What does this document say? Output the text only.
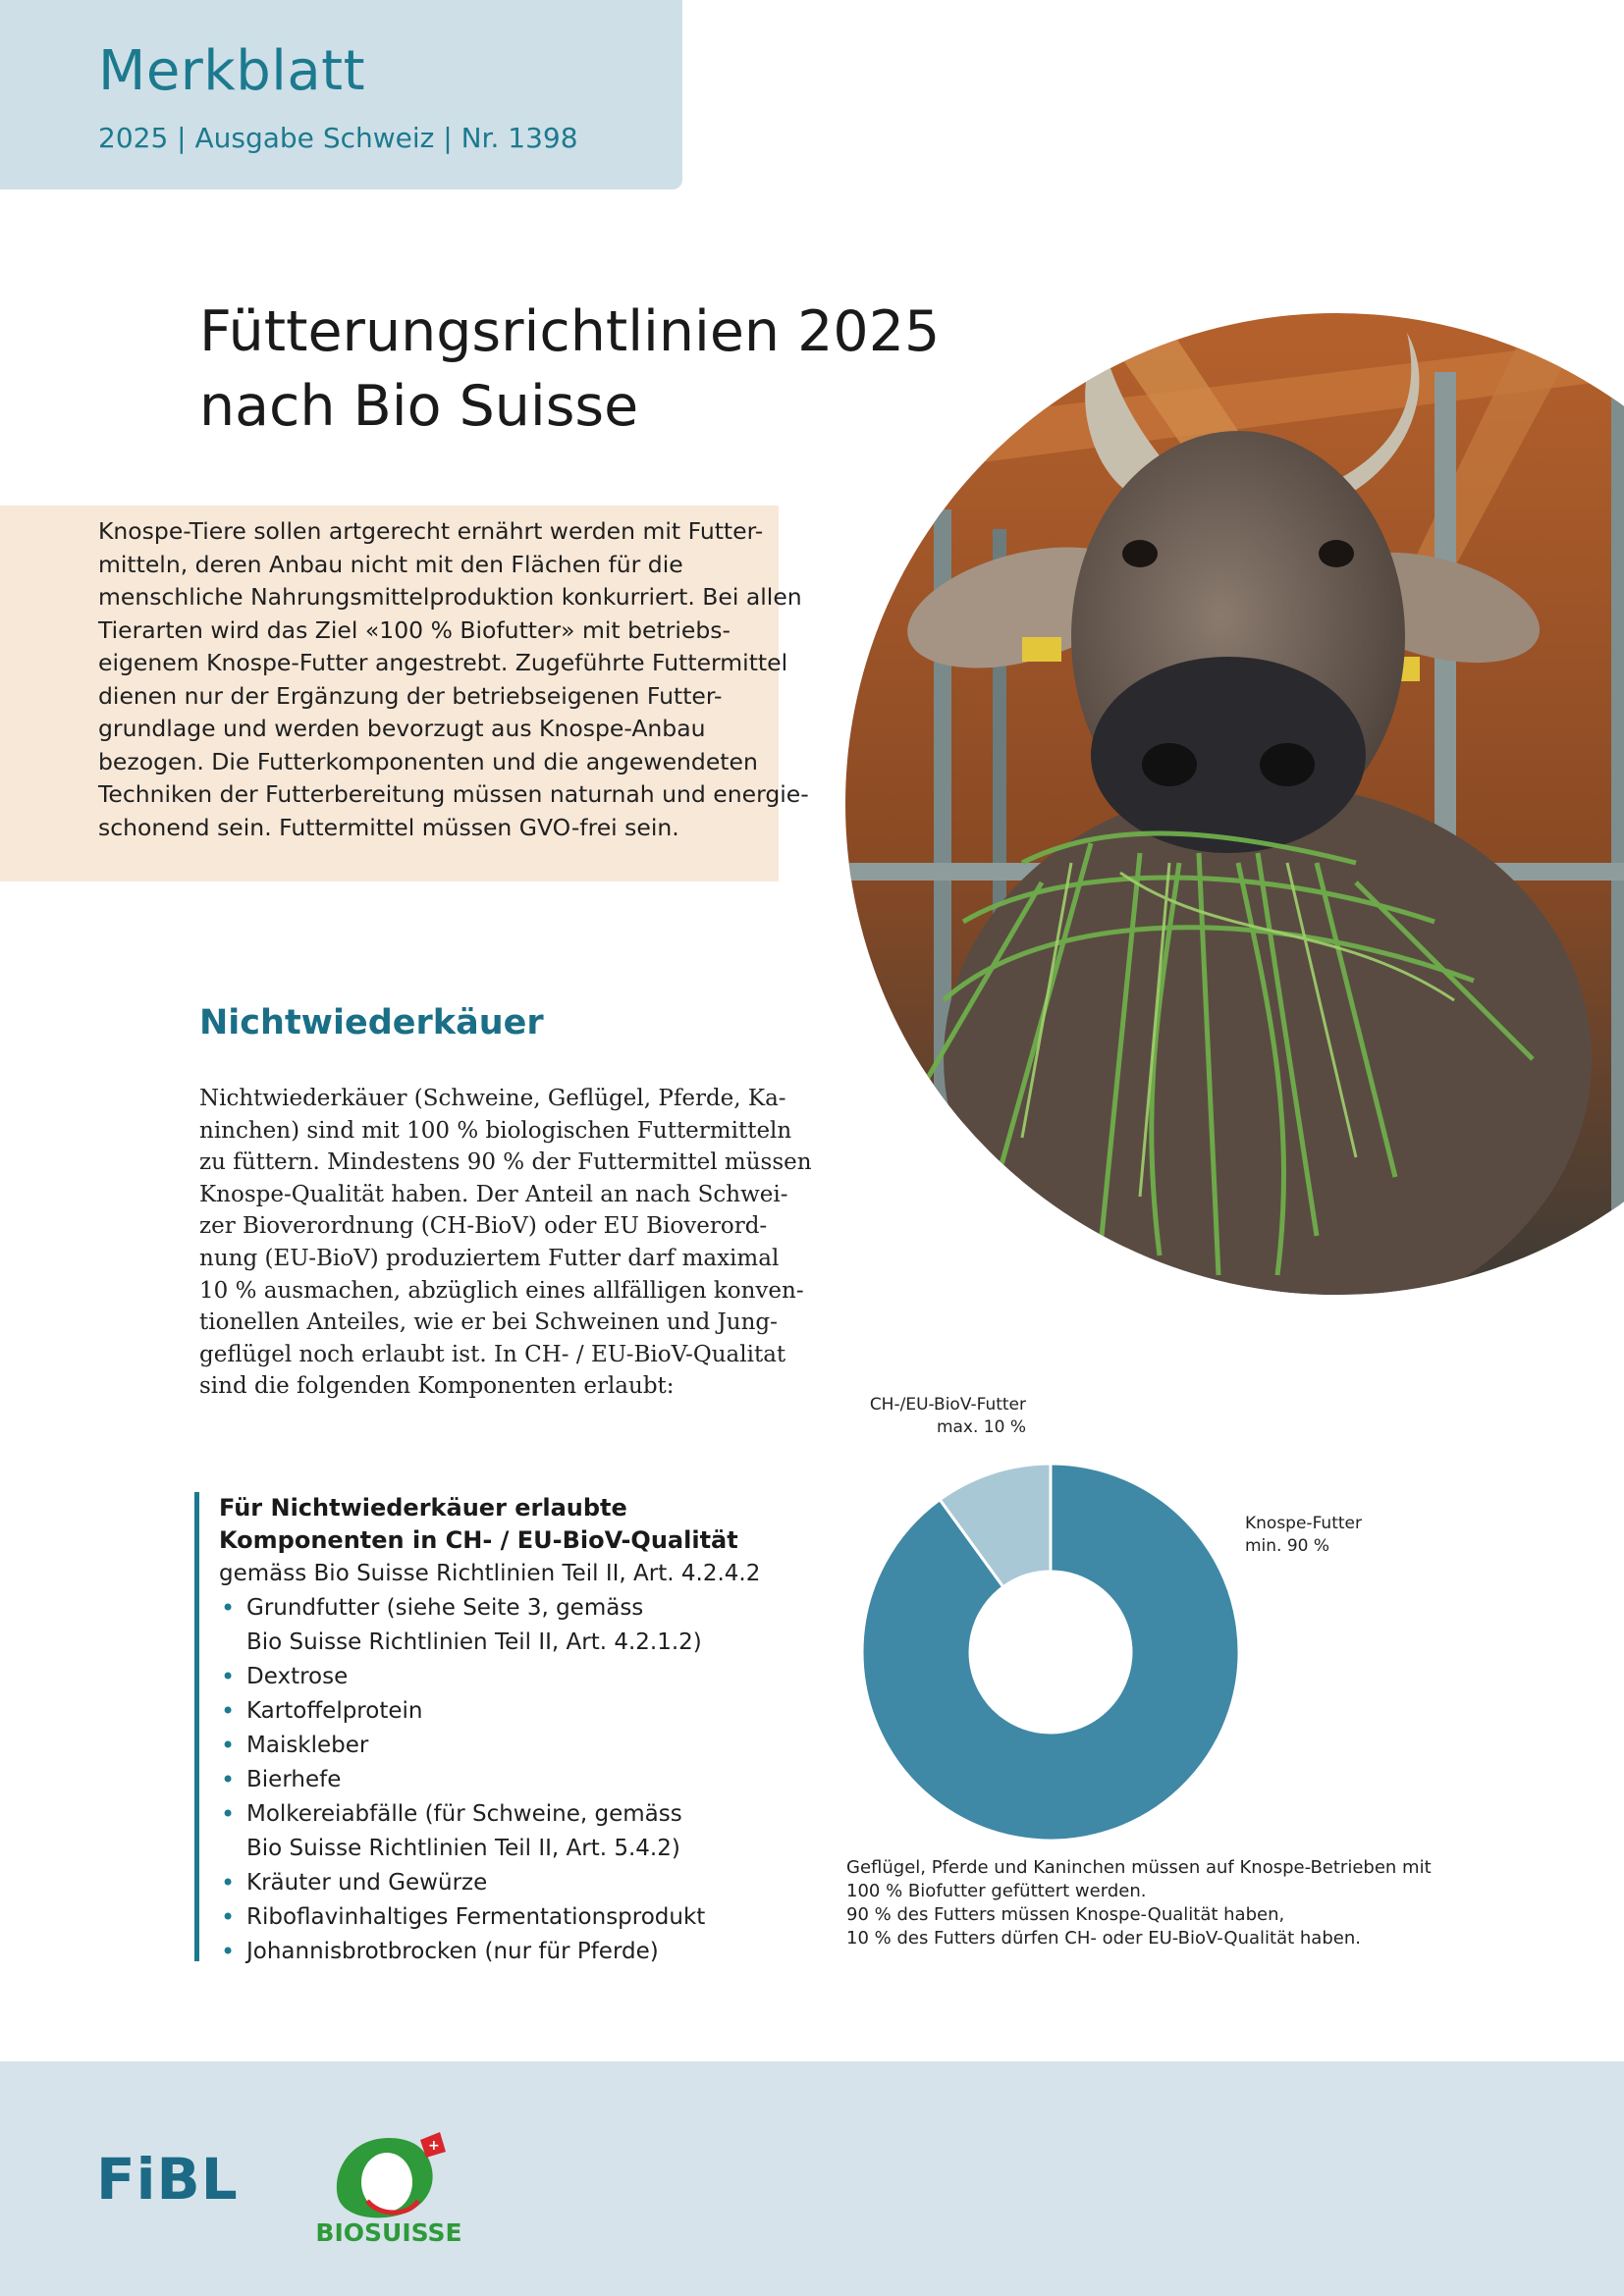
Merkblatt
2025 | Ausgabe Schweiz | Nr. 1398
Fütterungsrichtlinien 2025
nach Bio Suisse
Knospe-Tiere sollen artgerecht ernährt werden mit Futter-
mitteln, deren Anbau nicht mit den Flächen für die
menschliche Nahrungsmittelproduktion konkurriert. Bei allen
Tierarten wird das Ziel «100 % Biofutter» mit betriebs-
eigenem Knospe-Futter angestrebt. Zugeführte Futtermittel
dienen nur der Ergänzung der betriebseigenen Futter-
grundlage und werden bevorzugt aus Knospe-Anbau
bezogen. Die Futterkomponenten und die angewendeten
Techniken der Futterbereitung müssen naturnah und energie-
schonend sein. Futtermittel müssen GVO-frei sein.
Nichtwiederkäuer
Nichtwiederkäuer (Schweine, Geflügel, Pferde, Ka-
ninchen) sind mit 100 % biologischen Futtermitteln
zu füttern. Mindestens 90 % der Futtermittel müssen
Knospe-Qualität haben. Der Anteil an nach Schwei-
zer Bioverordnung (CH-BioV) oder EU Bioverord-
nung (EU-BioV) produziertem Futter darf maximal
10 % ausmachen, abzüglich eines allfälligen konven-
tionellen Anteiles, wie er bei Schweinen und Jung-
geflügel noch erlaubt ist. In CH- / EU-BioV-Qualitat
sind die folgenden Komponenten erlaubt:
Für Nichtwiederkäuer erlaubte
Komponenten in CH- / EU-BioV-Qualität
gemäss Bio Suisse Richtlinien Teil II, Art. 4.2.4.2
• Grundfutter (siehe Seite 3, gemäss
Bio Suisse Richtlinien Teil II, Art. 4.2.1.2)
• Dextrose
• Kartoffelprotein
• Maiskleber
• Bierhefe
• Molkereiabfälle (für Schweine, gemäss
Bio Suisse Richtlinien Teil II, Art. 5.4.2)
• Kräuter und Gewürze
• Riboflavinhaltiges Fermentationsprodukt
• Johannisbrotbrocken (nur für Pferde)
CH-/EU-BioV-Futter
max. 10 %
Knospe-Futter
min. 90 %
Geflügel, Pferde und Kaninchen müssen auf Knospe-Betrieben mit
100 % Biofutter gefüttert werden.
90 % des Futters müssen Knospe-Qualität haben,
10 % des Futters dürfen CH- oder EU-BioV-Qualität haben.
FiBL	+
BIOSUISSE
